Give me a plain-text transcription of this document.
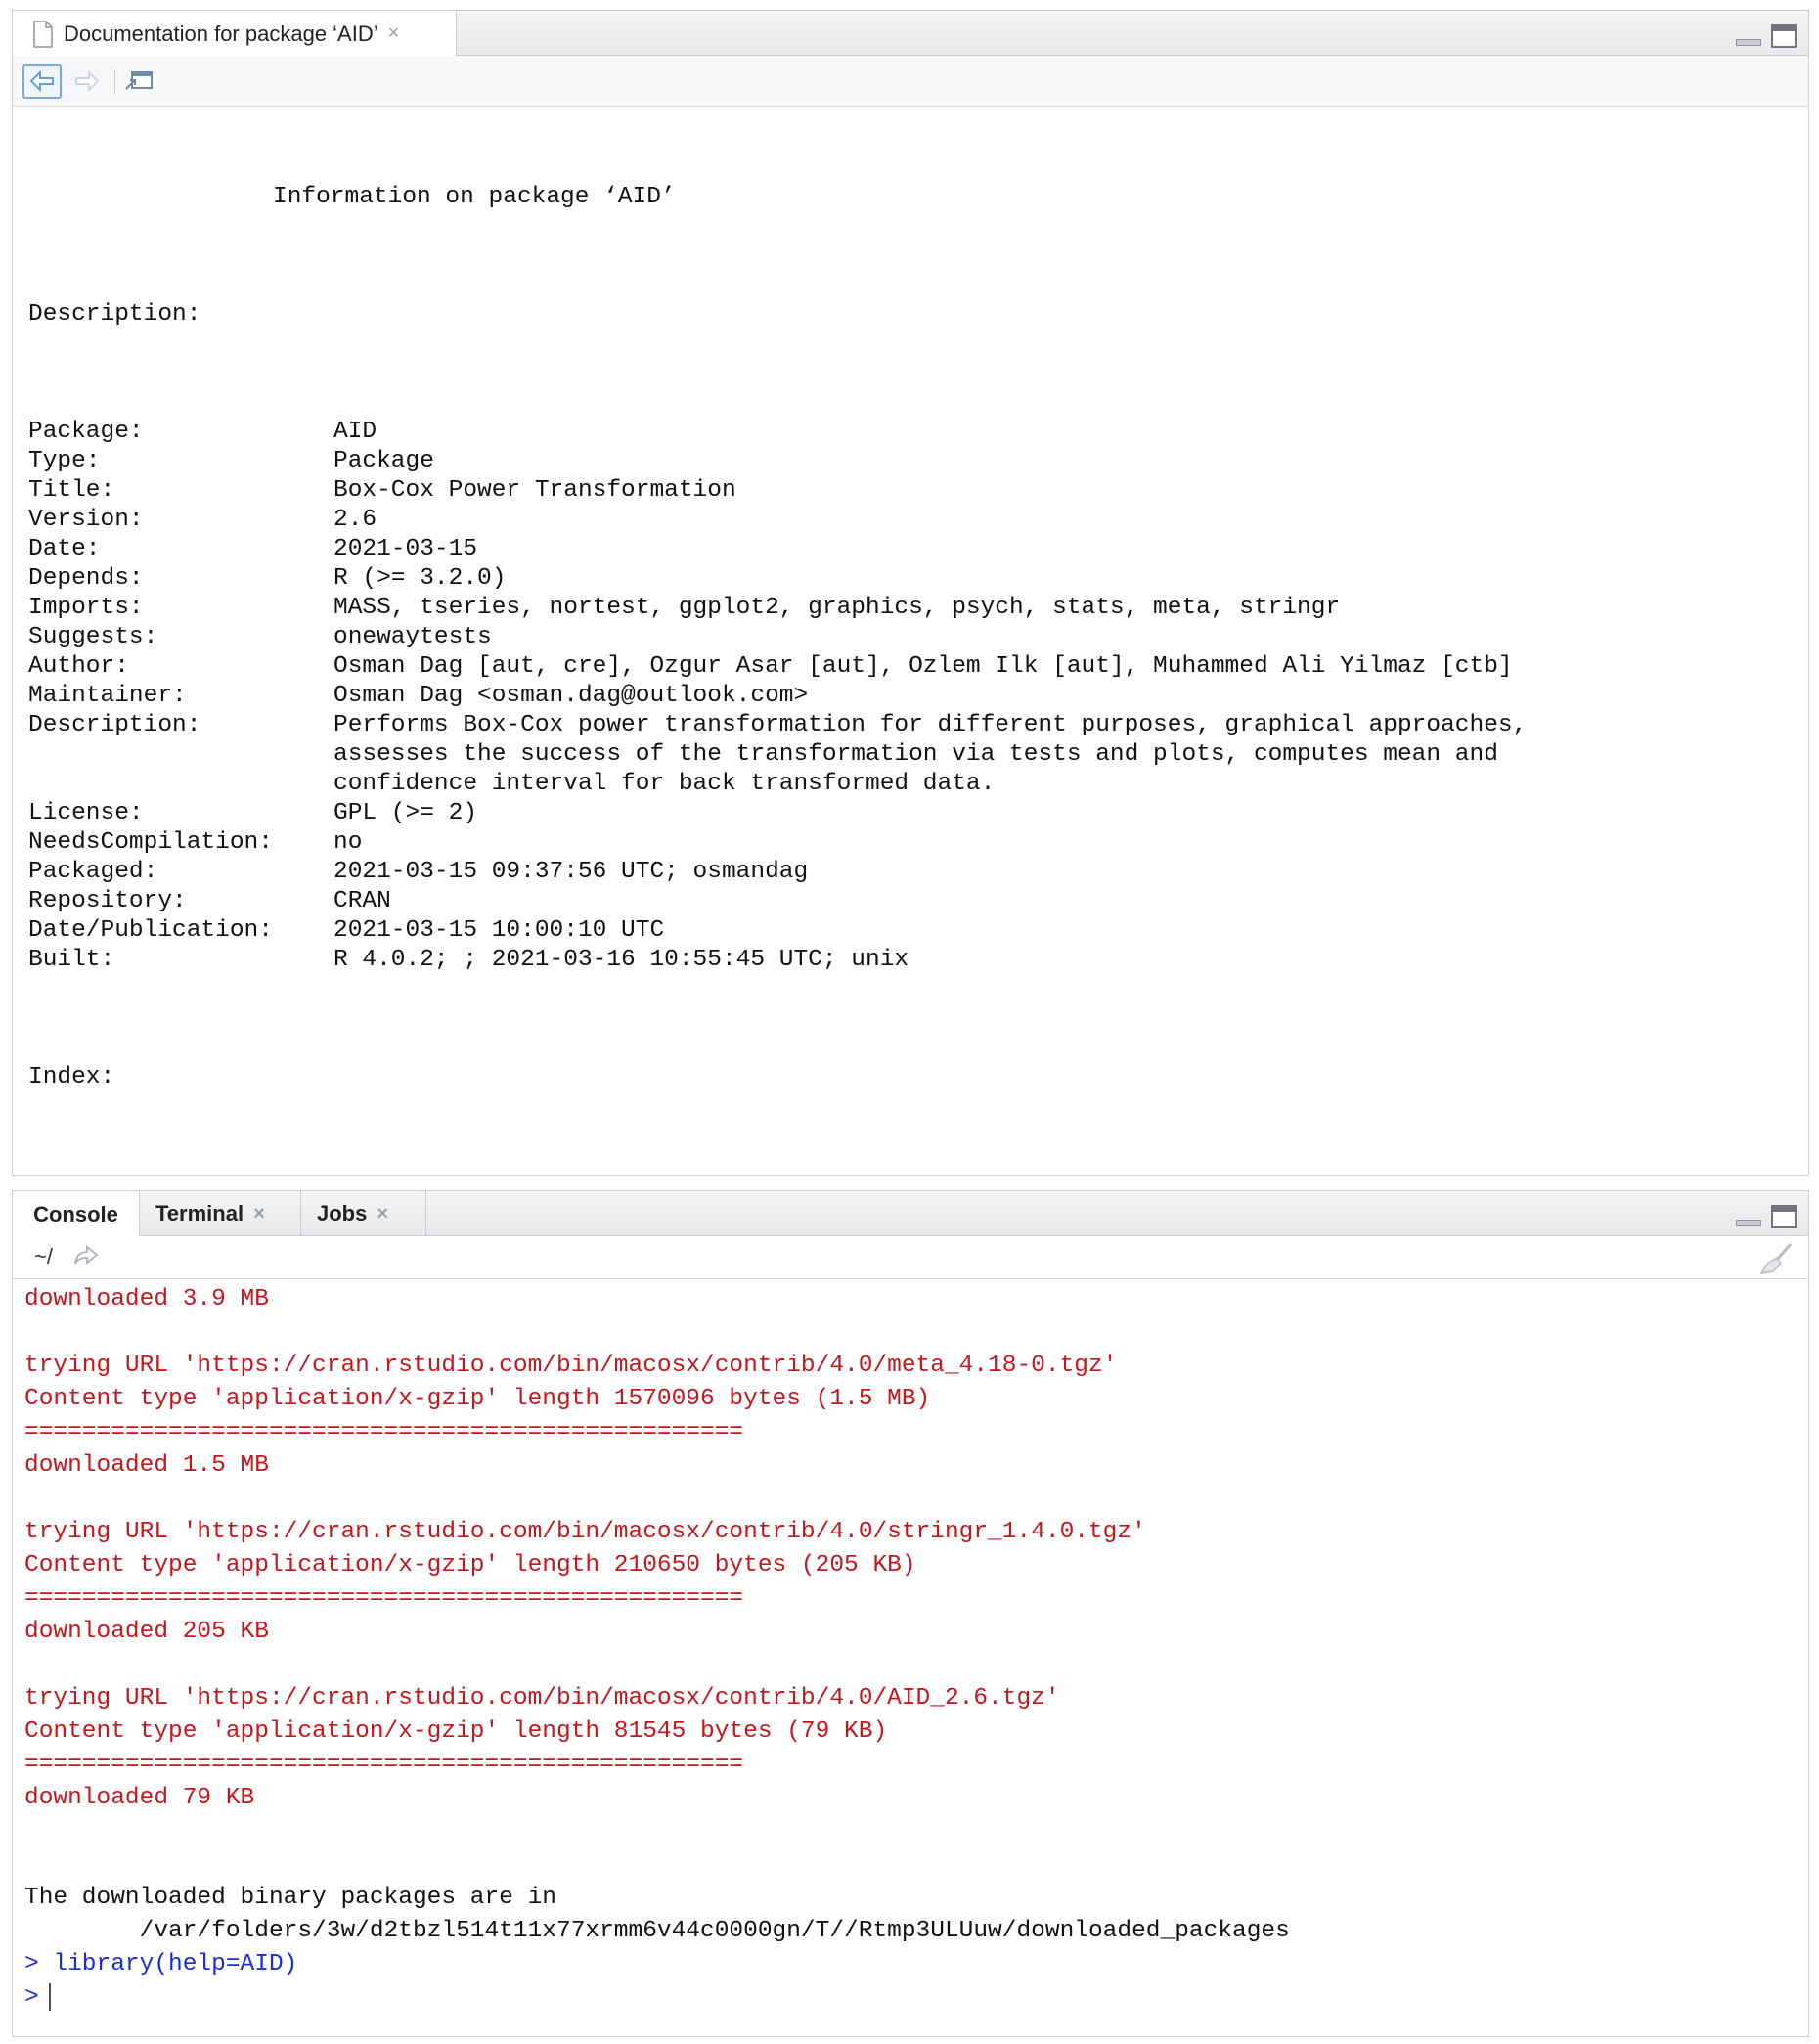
Documentation for package ‘AID’ ×

Information on package ‘AID’

Description:

Package:	AID
Type:	Package
Title:	Box-Cox Power Transformation
Version:	2.6
Date:	2021-03-15
Depends:	R (>= 3.2.0)
Imports:	MASS, tseries, nortest, ggplot2, graphics, psych, stats, meta, stringr
Suggests:	onewaytests
Author:	Osman Dag [aut, cre], Ozgur Asar [aut], Ozlem Ilk [aut], Muhammed Ali Yilmaz [ctb]
Maintainer:	Osman Dag <osman.dag@outlook.com>
Description:	Performs Box-Cox power transformation for different purposes, graphical approaches,
assesses the success of the transformation via tests and plots, computes mean and
confidence interval for back transformed data.
License:	GPL (>= 2)
NeedsCompilation:	no
Packaged:	2021-03-15 09:37:56 UTC; osmandag
Repository:	CRAN
Date/Publication:	2021-03-15 10:00:10 UTC
Built:	R 4.0.2; ; 2021-03-16 10:55:45 UTC; unix

Index:

Console Terminal × Jobs ×
~/
downloaded 3.9 MB

trying URL 'https://cran.rstudio.com/bin/macosx/contrib/4.0/meta_4.18-0.tgz'
Content type 'application/x-gzip' length 1570096 bytes (1.5 MB)
==================================================
downloaded 1.5 MB

trying URL 'https://cran.rstudio.com/bin/macosx/contrib/4.0/stringr_1.4.0.tgz'
Content type 'application/x-gzip' length 210650 bytes (205 KB)
==================================================
downloaded 205 KB

trying URL 'https://cran.rstudio.com/bin/macosx/contrib/4.0/AID_2.6.tgz'
Content type 'application/x-gzip' length 81545 bytes (79 KB)
==================================================
downloaded 79 KB

The downloaded binary packages are in
/var/folders/3w/d2tbzl514t11x77xrmm6v44c0000gn/T//Rtmp3ULUuw/downloaded_packages
> library(help=AID)
>
